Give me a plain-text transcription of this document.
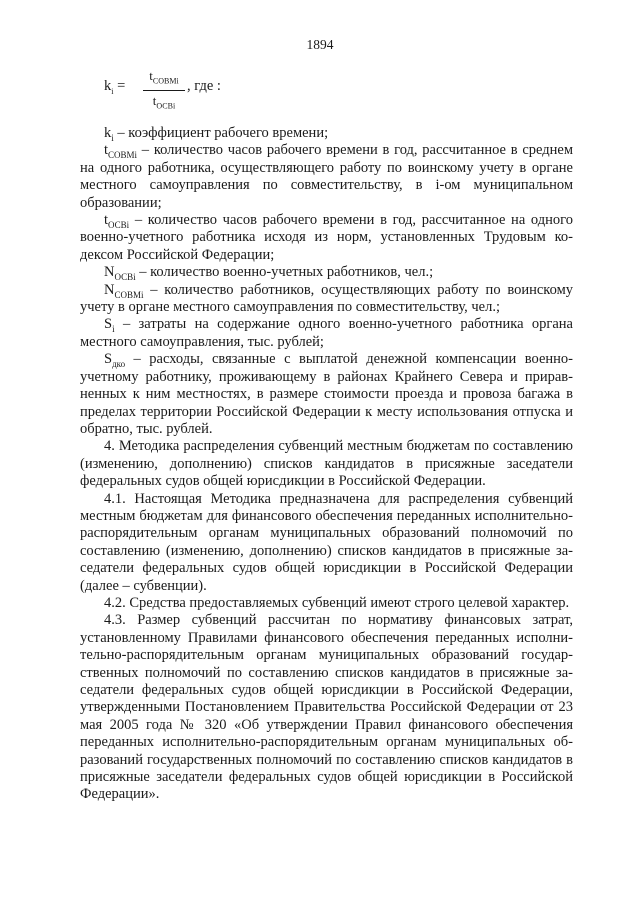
1894
$k_i$ =
$t_{СОВМi}$
$t_{ОСВi}$
, где :

$k_i$ – коэффициент рабочего времени;

$t_{СОВМi}$ – количество часов рабочего времени в год, рассчитанное в среднем на одного работника, осуществляющего работу по воинскому учету в органе местного самоуправления по совместительству, в i-ом муниципальном образовании;

$t_{ОСВi}$ – количество часов рабочего времени в год, рассчитанное на одного военно-учетного работника исходя из норм, установленных Трудовым кодексом Российской Федерации;

$N_{ОСВi}$ – количество военно-учетных работников, чел.;

$N_{СОВМi}$ – количество работников, осуществляющих работу по воинскому учету в органе местного самоуправления по совместительству, чел.;

$S_i$ – затраты на содержание одного военно-учетного работника органа местного самоуправления, тыс. рублей;

$S_{дко}$ – расходы, связанные с выплатой денежной компенсации военноучетному работнику, проживающему в районах Крайнего Севера и приравненных к ним местностях, в размере стоимости проезда и провоза багажа в пределах территории Российской Федерации к месту использования отпуска и обратно, тыс. рублей.

4. Методика распределения субвенций местным бюджетам по составлению (изменению, дополнению) списков кандидатов в присяжные заседатели федеральных судов общей юрисдикции в Российской Федерации.

4.1. Настоящая Методика предназначена для распределения субвенций местным бюджетам для финансового обеспечения переданных исполнительно-распорядительным органам муниципальных образований полномочий по составлению (изменению, дополнению) списков кандидатов в присяжные заседатели федеральных судов общей юрисдикции в Российской Федерации (далее – субвенции).

4.2. Средства предоставляемых субвенций имеют строго целевой характер.

4.3. Размер субвенций рассчитан по нормативу финансовых затрат, установленному Правилами финансового обеспечения переданных исполнительно-распорядительным органам муниципальных образований государственных полномочий по составлению списков кандидатов в присяжные заседатели федеральных судов общей юрисдикции в Российской Федерации, утвержденными Постановлением Правительства Российской Федерации от 23 мая 2005 года № 320 «Об утверждении Правил финансового обеспечения переданных исполнительно-распорядительным органам муниципальных образований государственных полномочий по составлению списков кандидатов в присяжные заседатели федеральных судов общей юрисдикции в Российской Федерации».
